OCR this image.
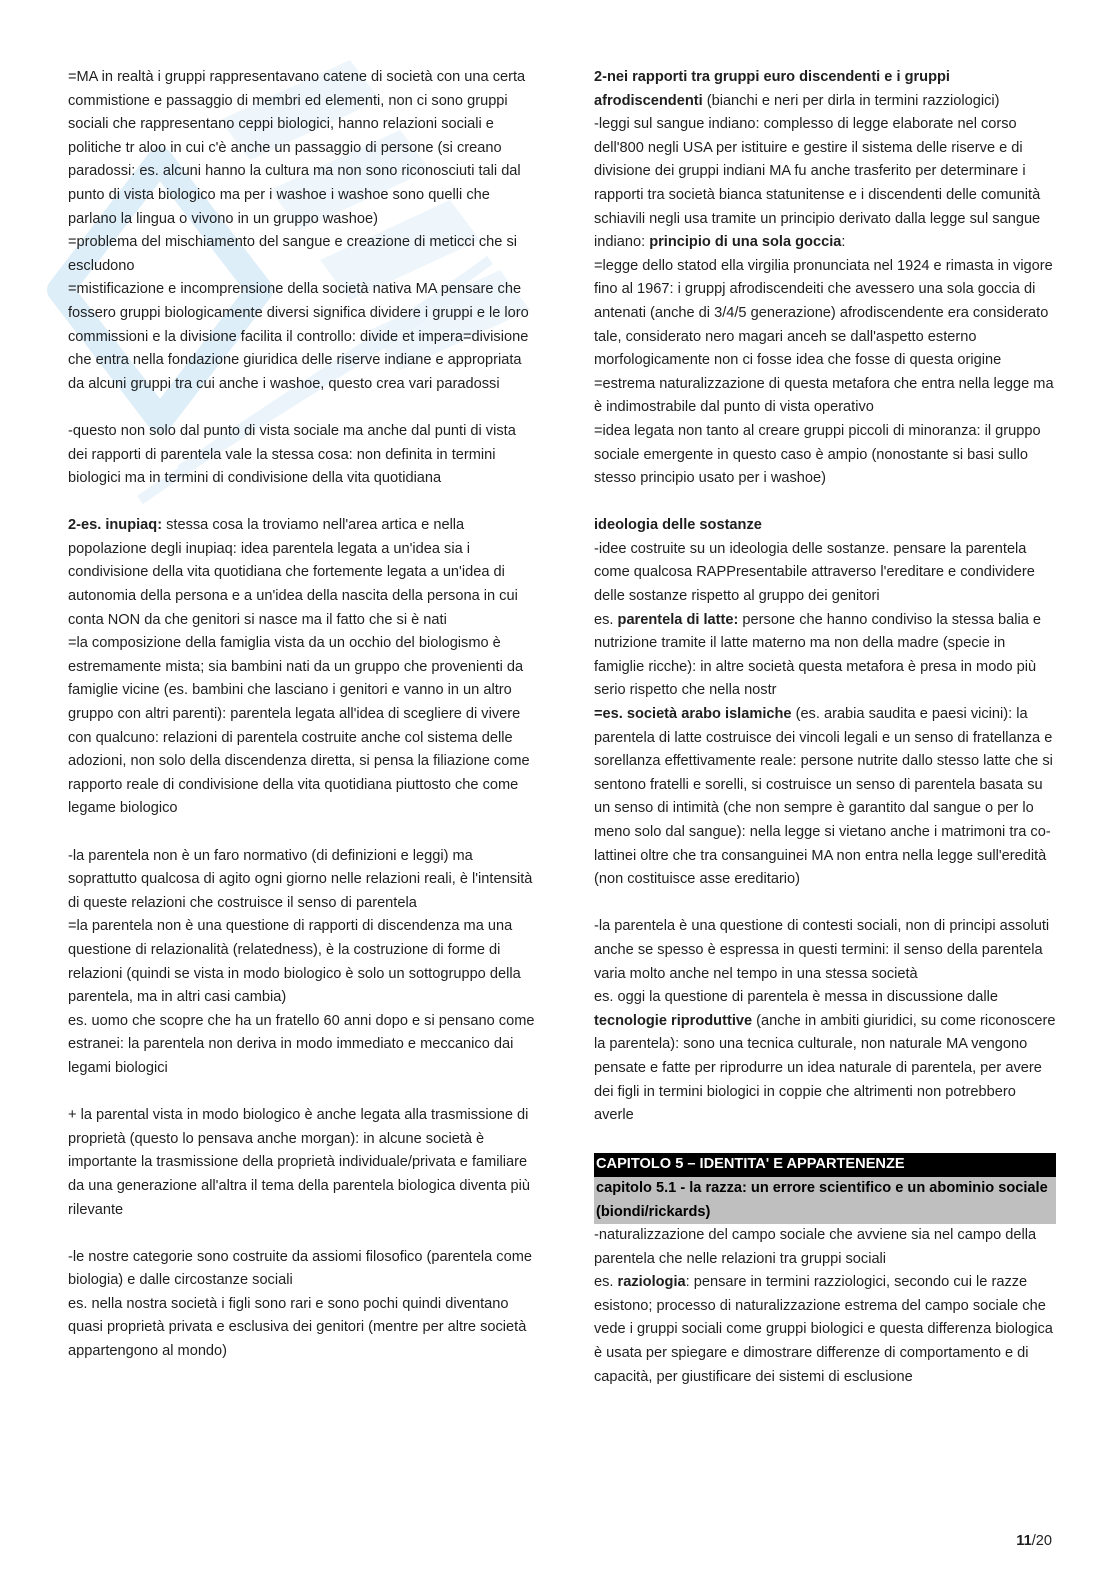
=MA in realtà i gruppi rappresentavano catene di società con una certa commistione e passaggio di membri ed elementi, non ci sono gruppi sociali che rappresentano ceppi biologici, hanno relazioni sociali e politiche tr aloo in cui c'è anche un passaggio di persone (si creano paradossi: es. alcuni hanno la cultura ma non sono riconosciuti tali dal punto di vista biologico ma per i washoe i washoe sono quelli che parlano la lingua o vivono in un gruppo washoe)
=problema del mischiamento del sangue e creazione di meticci che si escludono
=mistificazione e incomprensione della società nativa MA pensare che fossero gruppi biologicamente diversi significa dividere i gruppi e le loro commissioni e la divisione facilita il controllo: divide et impera=divisione che entra nella fondazione giuridica delle riserve indiane e appropriata da alcuni gruppi tra cui anche i washoe, questo crea vari paradossi

-questo non solo dal punto di vista sociale ma anche dal punti di vista dei rapporti di parentela vale la stessa cosa: non definita in termini biologici ma in termini di condivisione della vita quotidiana

2-es. inupiaq: stessa cosa la troviamo nell'area artica e nella popolazione degli inupiaq: idea parentela legata a un'idea sia i condivisione della vita quotidiana che fortemente legata a un'idea di autonomia della persona e a un'idea della nascita della persona in cui conta NON da che genitori si nasce ma il fatto che si è nati
=la composizione della famiglia vista da un occhio del biologismo è estremamente mista; sia bambini nati da un gruppo che provenienti da famiglie vicine (es. bambini che lasciano i genitori e vanno in un altro gruppo con altri parenti): parentela legata all'idea di scegliere di vivere con qualcuno: relazioni di parentela costruite anche col sistema delle adozioni, non solo della discendenza diretta, si pensa la filiazione come rapporto reale di condivisione della vita quotidiana piuttosto che come legame biologico

-la parentela non è un faro normativo (di definizioni e leggi) ma soprattutto qualcosa di agito ogni giorno nelle relazioni reali, è l'intensità di queste relazioni che costruisce il senso di parentela
=la parentela non è una questione di rapporti di discendenza ma una questione di relazionalità (relatedness), è la costruzione di forme di relazioni (quindi se vista in modo biologico è solo un sottogruppo della parentela, ma in altri casi cambia)
es. uomo che scopre che ha un fratello 60 anni dopo e si pensano come estranei: la parentela non deriva in modo immediato e meccanico dai legami biologici

+ la parental vista in modo biologico è anche legata alla trasmissione di proprietà (questo lo pensava anche morgan): in alcune società è importante la trasmissione della proprietà individuale/privata e familiare da una generazione all'altra il tema della parentela biologica diventa più rilevante

-le nostre categorie sono costruite da assiomi filosofico (parentela come biologia) e dalle circostanze sociali
es. nella nostra società i figli sono rari e sono pochi quindi diventano quasi proprietà privata e esclusiva dei genitori (mentre per altre società appartengono al mondo)

2-nei rapporti tra gruppi euro discendenti e i gruppi afrodiscendenti (bianchi e neri per dirla in termini razziologici)
-leggi sul sangue indiano: complesso di legge elaborate nel corso dell'800 negli USA per istituire e gestire il sistema delle riserve e di divisione dei gruppi indiani MA fu anche trasferito per determinare i rapporti tra società bianca statunitense e i discendenti delle comunità schiavili negli usa tramite un principio derivato dalla legge sul sangue indiano: principio di una sola goccia:
=legge dello statod ella virgilia pronunciata nel 1924 e rimasta in vigore fino al 1967: i gruppj afrodiscendeiti che avessero una sola goccia di antenati (anche di 3/4/5 generazione) afrodiscendente era considerato tale, considerato nero magari anceh se dall'aspetto esterno morfologicamente non ci fosse idea che fosse di questa origine
=estrema naturalizzazione di questa metafora che entra nella legge ma è indimostrabile dal punto di vista operativo
=idea legata non tanto al creare gruppi piccoli di minoranza: il gruppo sociale emergente in questo caso è ampio (nonostante si basi sullo stesso principio usato per i washoe)

ideologia delle sostanze
-idee costruite su un ideologia delle sostanze. pensare la parentela come qualcosa RAPPresentabile attraverso l'ereditare e condividere delle sostanze rispetto al gruppo dei genitori
es. parentela di latte: persone che hanno condiviso la stessa balia e nutrizione tramite il latte materno ma non della madre (specie in famiglie ricche): in altre società questa metafora è presa in modo più serio rispetto che nella nostr
=es. società arabo islamiche (es. arabia saudita e paesi vicini): la parentela di latte costruisce dei vincoli legali e un senso di fratellanza e sorellanza effettivamente reale: persone nutrite dallo stesso latte che si sentono fratelli e sorelli, si costruisce un senso di parentela basata su un senso di intimità (che non sempre è garantito dal sangue o per lo meno solo dal sangue): nella legge si vietano anche i matrimoni tra co-lattinei oltre che tra consanguinei MA non entra nella legge sull'eredità (non costituisce asse ereditario)

-la parentela è una questione di contesti sociali, non di principi assoluti anche se spesso è espressa in questi termini: il senso della parentela varia molto anche nel tempo in una stessa società
es. oggi la questione di parentela è messa in discussione dalle tecnologie riproduttive (anche in ambiti giuridici, su come riconoscere la parentela): sono una tecnica culturale, non naturale MA vengono pensate e fatte per riprodurre un idea naturale di parentela, per avere dei figli in termini biologici in coppie che altrimenti non potrebbero averle

CAPITOLO 5 – IDENTITA' E APPARTENENZE
capitolo 5.1 - la razza: un errore scientifico e un abominio sociale (biondi/rickards)

-naturalizzazione del campo sociale che avviene sia nel campo della parentela che nelle relazioni tra gruppi sociali
es. raziologia: pensare in termini razziologici, secondo cui le razze esistono; processo di naturalizzazione estrema del campo sociale che vede i gruppi sociali come gruppi biologici e questa differenza biologica è usata per spiegare e dimostrare differenze di comportamento e di capacità, per giustificare dei sistemi di esclusione

11/20
